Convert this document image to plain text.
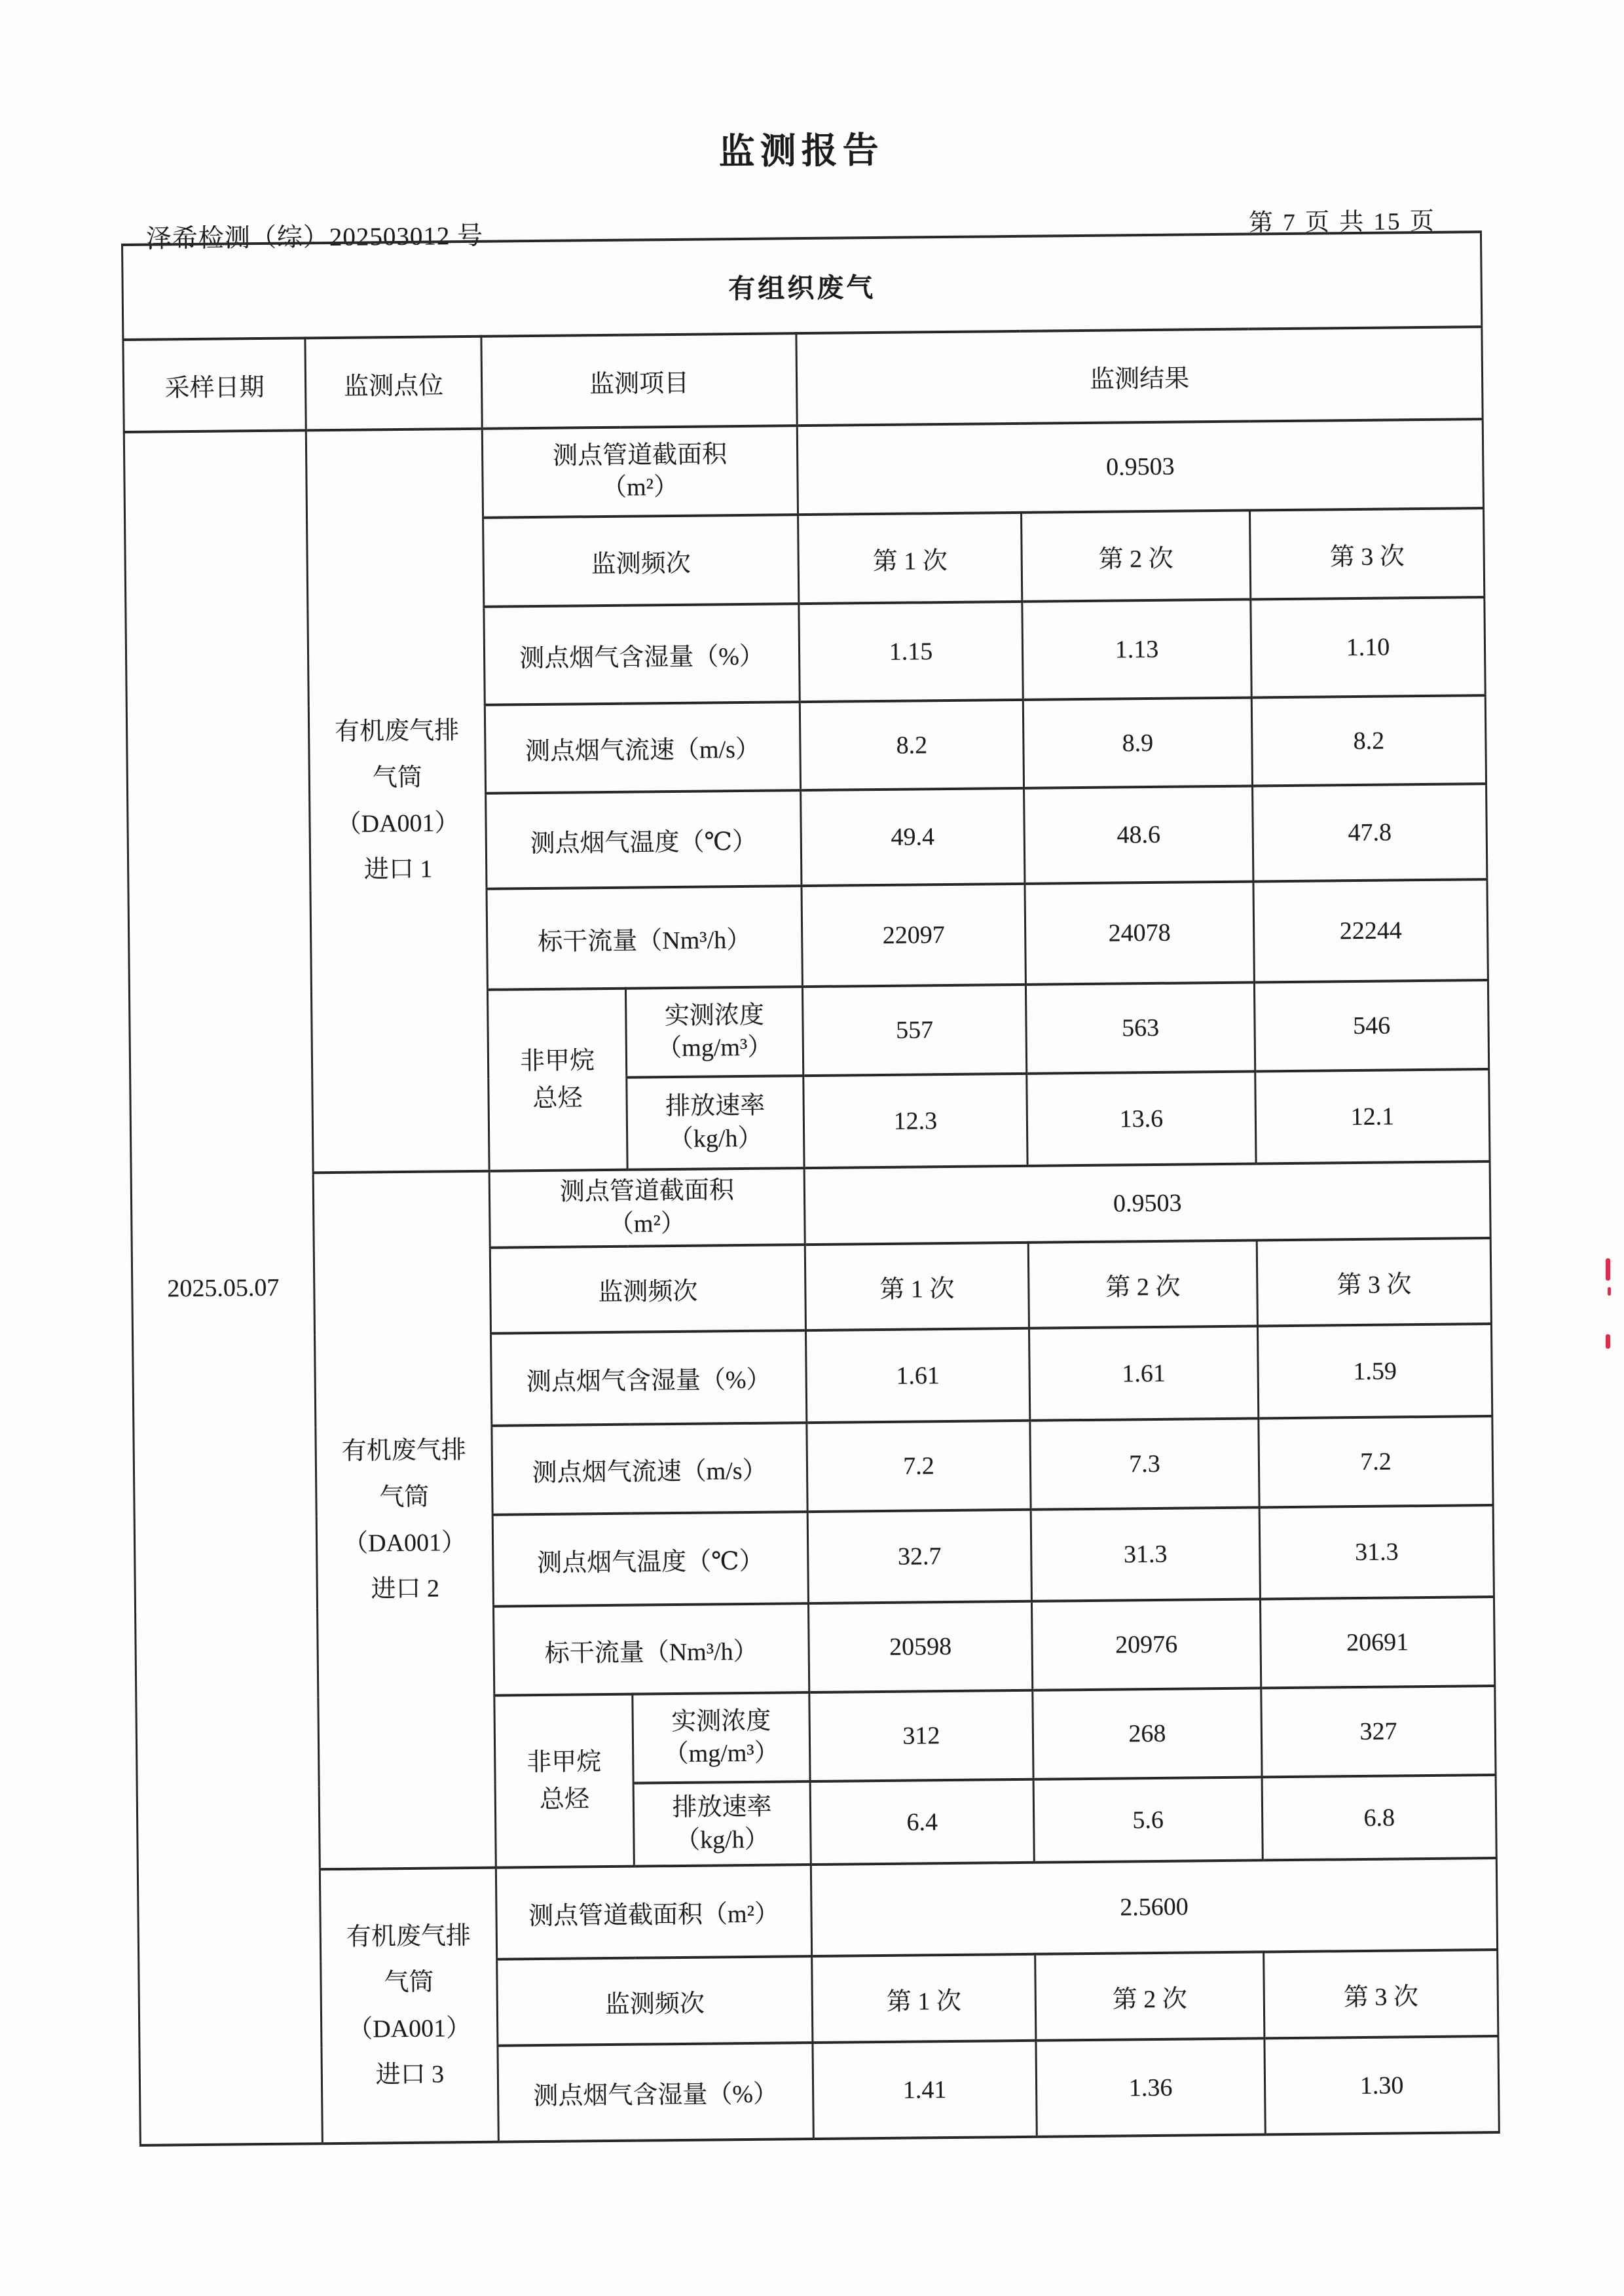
监测报告
泽希检测（综）202503012 号	第 7 页 共 15 页
有组织废气						
采样日期	监测点位	监测项目		监测结果		
2025.05.07	有机废气排
气筒
（DA001）
进口 1	测点管道截面积
（m²）		0.9503		
		监测频次		第 1 次	第 2 次	第 3 次
		测点烟气含湿量（%）		1.15	1.13	1.10
		测点烟气流速（m/s）		8.2	8.9	8.2
		测点烟气温度（℃）		49.4	48.6	47.8
		标干流量（Nm³/h）		22097	24078	22244
		非甲烷
总烃	实测浓度
（mg/m³）	557	563	546
			排放速率
（kg/h）	12.3	13.6	12.1
	有机废气排
气筒
（DA001）
进口 2	测点管道截面积
（m²）		0.9503		
		监测频次		第 1 次	第 2 次	第 3 次
		测点烟气含湿量（%）		1.61	1.61	1.59
		测点烟气流速（m/s）		7.2	7.3	7.2
		测点烟气温度（℃）		32.7	31.3	31.3
		标干流量（Nm³/h）		20598	20976	20691
		非甲烷
总烃	实测浓度
（mg/m³）	312	268	327
			排放速率
（kg/h）	6.4	5.6	6.8
	有机废气排
气筒
（DA001）
进口 3	测点管道截面积（m²）		2.5600		
		监测频次		第 1 次	第 2 次	第 3 次
		测点烟气含湿量（%）		1.41	1.36	1.30
